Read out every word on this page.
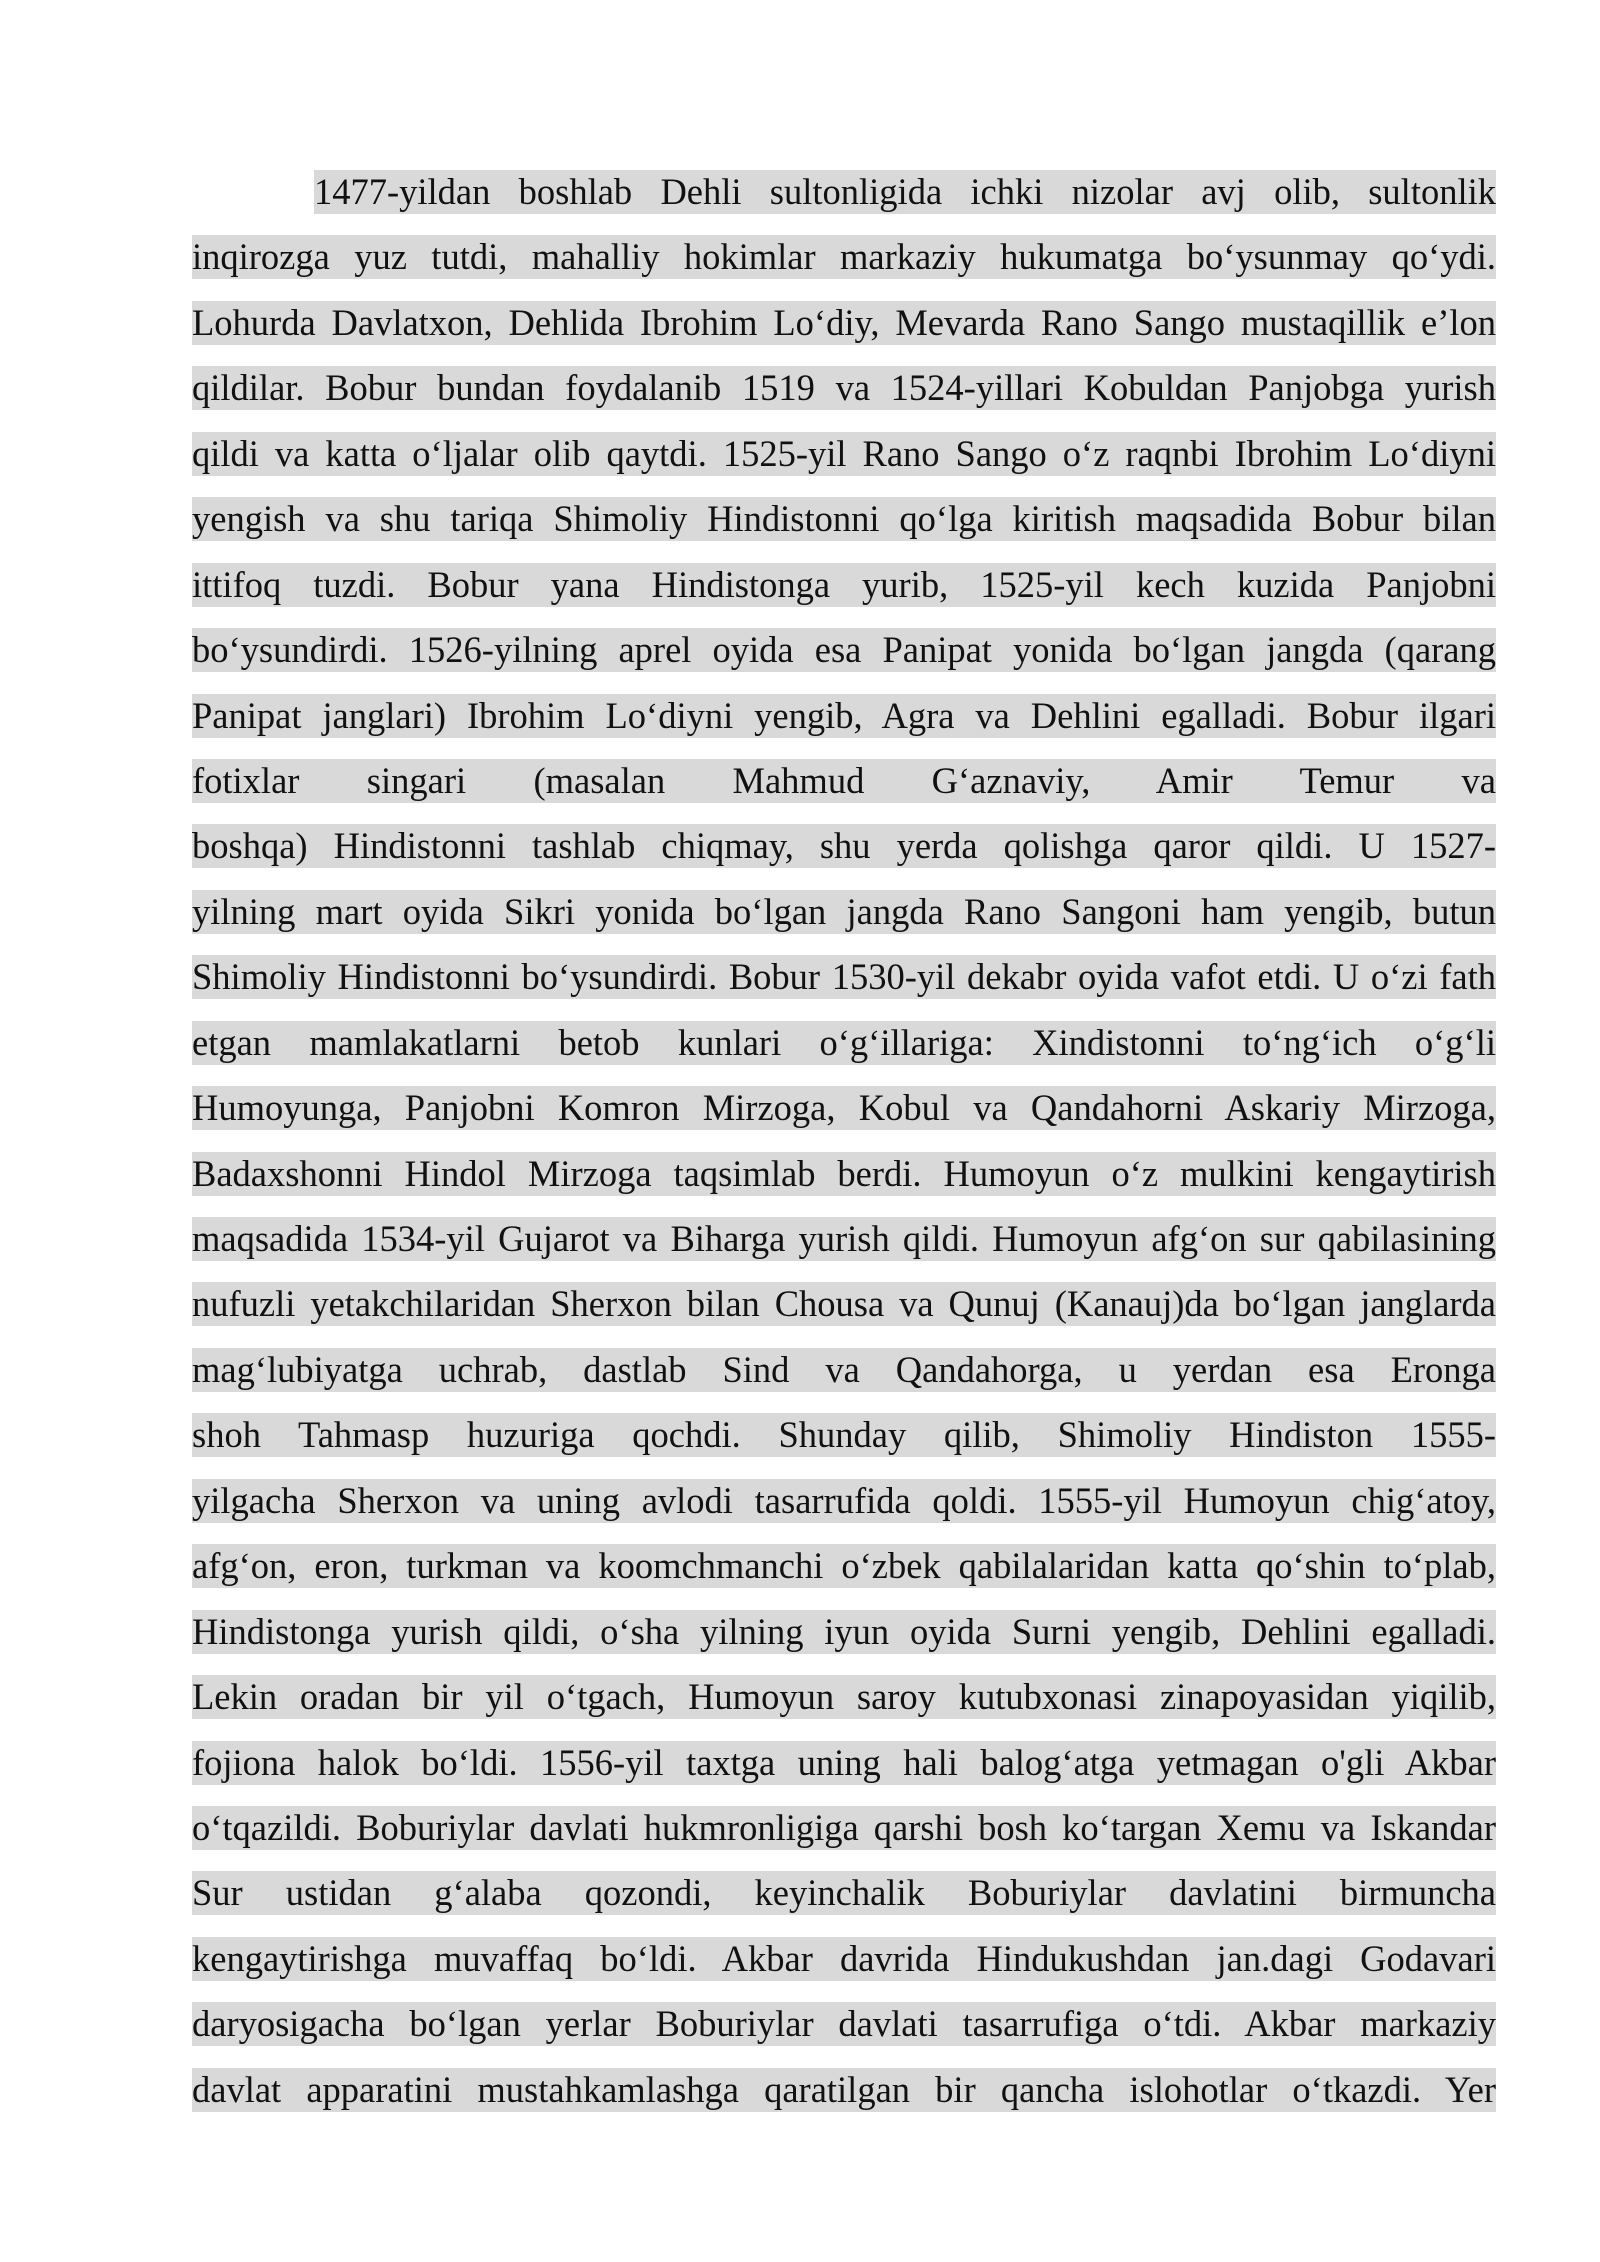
1477-yildan boshlab Dehli sultonligida ichki nizolar avj olib, sultonlik
inqirozga yuz tutdi, mahalliy hokimlar markaziy hukumatga bo‘ysunmay qo‘ydi.
Lohurda Davlatxon, Dehlida Ibrohim Lo‘diy, Mevarda Rano Sango mustaqillik e’lon
qildilar. Bobur bundan foydalanib 1519 va 1524-yillari Kobuldan Panjobga yurish
qildi va katta o‘ljalar olib qaytdi. 1525-yil Rano Sango o‘z raqnbi Ibrohim Lo‘diyni
yengish va shu tariqa Shimoliy Hindistonni qo‘lga kiritish maqsadida Bobur bilan
ittifoq tuzdi. Bobur yana Hindistonga yurib, 1525-yil kech kuzida Panjobni
bo‘ysundirdi. 1526-yilning aprel oyida esa Panipat yonida bo‘lgan jangda (qarang
Panipat janglari) Ibrohim Lo‘diyni yengib, Agra va Dehlini egalladi. Bobur ilgari
fotixlar singari (masalan Mahmud G‘aznaviy, Amir Temur va
boshqa) Hindistonni tashlab chiqmay, shu yerda qolishga qaror qildi. U 1527-
yilning mart oyida Sikri yonida bo‘lgan jangda Rano Sangoni ham yengib, butun
Shimoliy Hindistonni bo‘ysundirdi. Bobur 1530-yil dekabr oyida vafot etdi. U o‘zi fath
etgan mamlakatlarni betob kunlari o‘g‘illariga: Xindistonni to‘ng‘ich o‘g‘li
Humoyunga, Panjobni Komron Mirzoga, Kobul va Qandahorni Askariy Mirzoga,
Badaxshonni Hindol Mirzoga taqsimlab berdi. Humoyun o‘z mulkini kengaytirish
maqsadida 1534-yil Gujarot va Biharga yurish qildi. Humoyun afg‘on sur qabilasining
nufuzli yetakchilaridan Sherxon bilan Chousa va Qunuj (Kanauj)da bo‘lgan janglarda
mag‘lubiyatga uchrab, dastlab Sind va Qandahorga, u yerdan esa Eronga
shoh Tahmasp huzuriga qochdi. Shunday qilib, Shimoliy Hindiston 1555-
yilgacha Sherxon va uning avlodi tasarrufida qoldi. 1555-yil Humoyun chig‘atoy,
afg‘on, eron, turkman va koomchmanchi o‘zbek qabilalaridan katta qo‘shin to‘plab,
Hindistonga yurish qildi, o‘sha yilning iyun oyida Surni yengib, Dehlini egalladi.
Lekin oradan bir yil o‘tgach, Humoyun saroy kutubxonasi zinapoyasidan yiqilib,
fojiona halok bo‘ldi. 1556-yil taxtga uning hali balog‘atga yetmagan o'gli Akbar
o‘tqazildi. Boburiylar davlati hukmronligiga qarshi bosh ko‘targan Xemu va Iskandar
Sur ustidan g‘alaba qozondi, keyinchalik Boburiylar davlatini birmuncha
kengaytirishga muvaffaq bo‘ldi. Akbar davrida Hindukushdan jan.dagi Godavari
daryosigacha bo‘lgan yerlar Boburiylar davlati tasarrufiga o‘tdi. Akbar markaziy
davlat apparatini mustahkamlashga qaratilgan bir qancha islohotlar o‘tkazdi. Yer
